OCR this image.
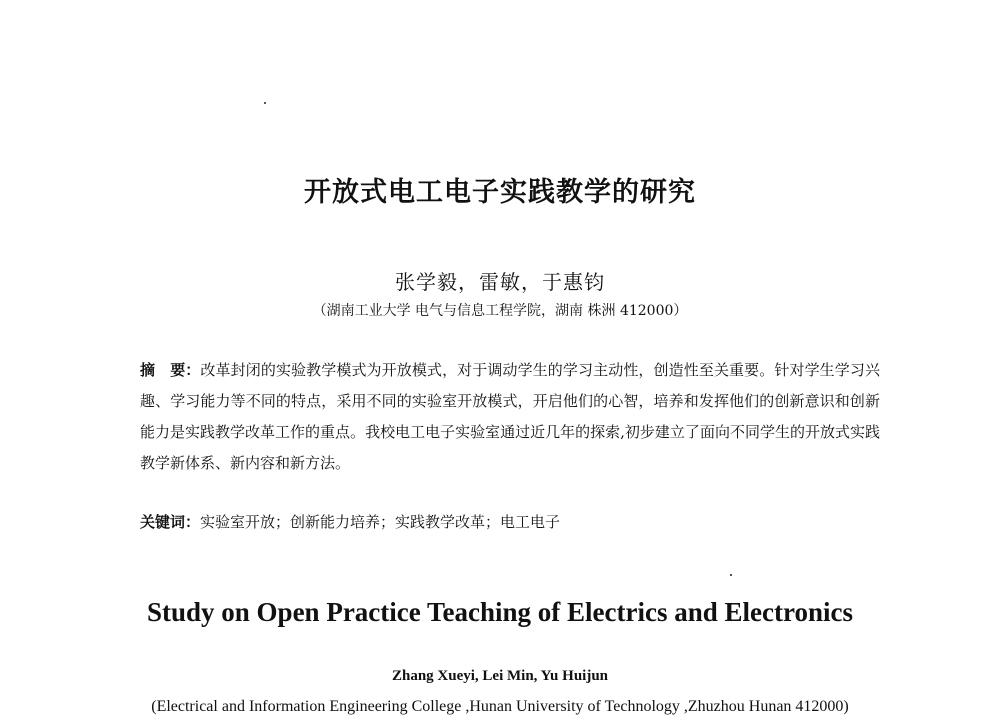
开放式电工电子实践教学的研究
张学毅，雷敏，于惠钧
（湖南工业大学 电气与信息工程学院，湖南 株洲 412000）

摘　要：改革封闭的实验教学模式为开放模式，对于调动学生的学习主动性，创造性至关重要。针对学生学习兴趣、学习能力等不同的特点，采用不同的实验室开放模式，开启他们的心智，培养和发挥他们的创新意识和创新能力是实践教学改革工作的重点。我校电工电子实验室通过近几年的探索,初步建立了面向不同学生的开放式实践教学新体系、新内容和新方法。

关键词：实验室开放；创新能力培养；实践教学改革；电工电子

Study on Open Practice Teaching of Electrics and Electronics
Zhang Xueyi, Lei Min, Yu Huijun
(Electrical and Information Engineering College ,Hunan University of Technology ,Zhuzhou Hunan 412000)
